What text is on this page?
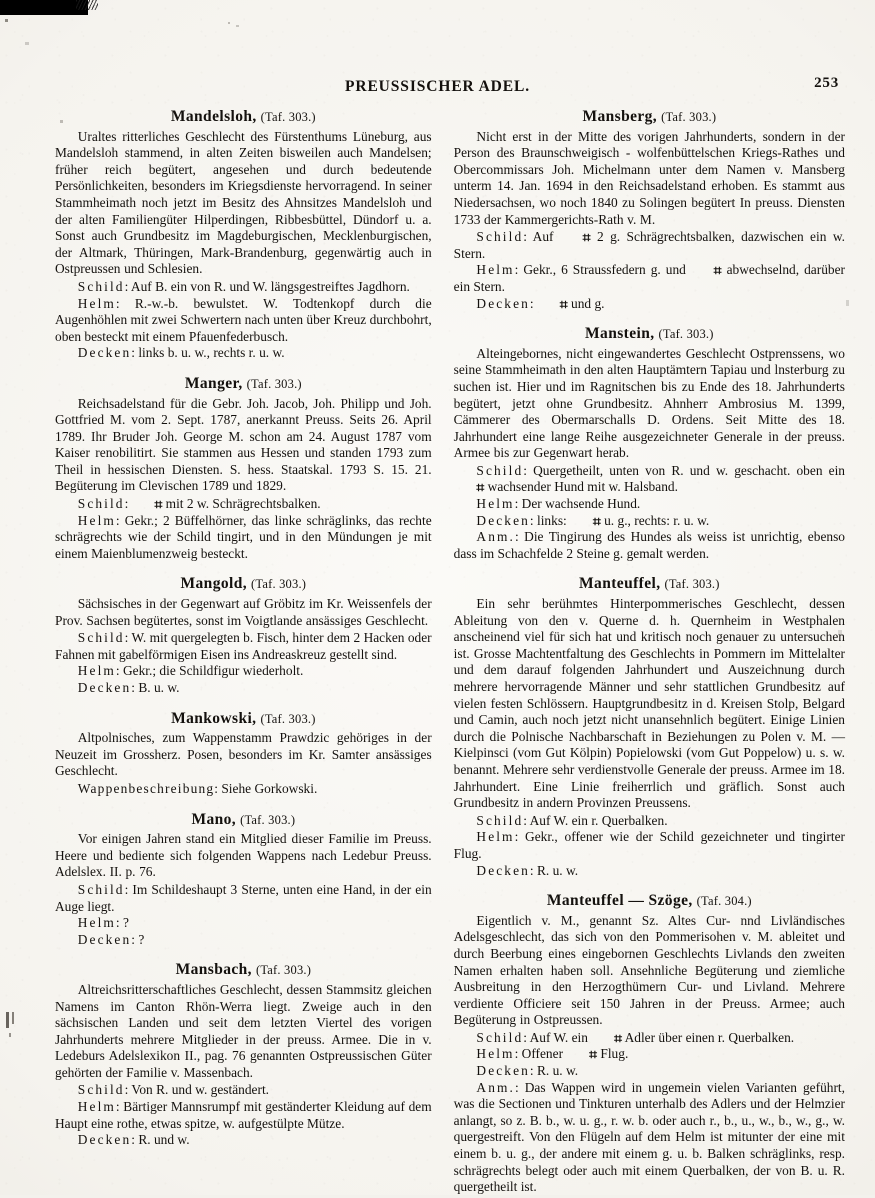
PREUSSISCHER ADEL.	253
Mandelsloh, (Taf. 303.)

Uraltes ritterliches Geschlecht des Fürstenthums Lüneburg, aus Mandelsloh stammend, in alten Zeiten bisweilen auch Mandelsen; früher reich begütert, angesehen und durch bedeutende Persönlichkeiten, besonders im Kriegsdienste hervorragend. In seiner Stammheimath noch jetzt im Besitz des Ahnsitzes Mandelsloh und der alten Familiengüter Hilperdingen, Ribbesbüttel, Dündorf u. a. Sonst auch Grundbesitz im Magdeburgischen, Mecklenburgischen, der Altmark, Thüringen, Mark-Brandenburg, gegenwärtig auch in Ostpreussen und Schlesien.

Schild: Auf B. ein von R. und W. längsgestreiftes Jagdhorn.

Helm: R.-w.-b. bewulstet. W. Todtenkopf durch die Augenhöhlen mit zwei Schwertern nach unten über Kreuz durchbohrt, oben besteckt mit einem Pfauenfederbusch.

Decken: links b. u. w., rechts r. u. w.

Manger, (Taf. 303.)

Reichsadelstand für die Gebr. Joh. Jacob, Joh. Philipp und Joh. Gottfried M. vom 2. Sept. 1787, anerkannt Preuss. Seits 26. April 1789. Ihr Bruder Joh. George M. schon am 24. August 1787 vom Kaiser renobilitirt. Sie stammen aus Hessen und standen 1793 zum Theil in hessischen Diensten. S. hess. Staatskal. 1793 S. 15. 21. Begüterung im Clevischen 1789 und 1829.

Schild: ⌗ mit 2 w. Schrägrechtsbalken.

Helm: Gekr.; 2 Büffelhörner, das linke schräglinks, das rechte schrägrechts wie der Schild tingirt, und in den Mündungen je mit einem Maienblumenzweig besteckt.

Mangold, (Taf. 303.)

Sächsisches in der Gegenwart auf Gröbitz im Kr. Weissenfels der Prov. Sachsen begütertes, sonst im Voigtlande ansässiges Geschlecht.

Schild: W. mit quergelegten b. Fisch, hinter dem 2 Hacken oder Fahnen mit gabelförmigen Eisen ins Andreaskreuz gestellt sind.

Helm: Gekr.; die Schildfigur wiederholt.

Decken: B. u. w.

Mankowski, (Taf. 303.)

Altpolnisches, zum Wappenstamm Prawdzic gehöriges in der Neuzeit im Grossherz. Posen, besonders im Kr. Samter ansässiges Geschlecht.

Wappenbeschreibung: Siehe Gorkowski.

Mano, (Taf. 303.)

Vor einigen Jahren stand ein Mitglied dieser Familie im Preuss. Heere und bediente sich folgenden Wappens nach Ledebur Preuss. Adelslex. II. p. 76.

Schild: Im Schildeshaupt 3 Sterne, unten eine Hand, in der ein Auge liegt.

Helm: ?

Decken: ?

Mansbach, (Taf. 303.)

Altreichsritterschaftliches Geschlecht, dessen Stammsitz gleichen Namens im Canton Rhön-Werra liegt. Zweige auch in den sächsischen Landen und seit dem letzten Viertel des vorigen Jahrhunderts mehrere Mitglieder in der preuss. Armee. Die in v. Ledeburs Adelslexikon II., pag. 76 genannten Ostpreussischen Güter gehörten der Familie v. Massenbach.

Schild: Von R. und w. geständert.

Helm: Bärtiger Mannsrumpf mit geständerter Kleidung auf dem Haupt eine rothe, etwas spitze, w. aufgestülpte Mütze.

Decken: R. und w.

Mansberg, (Taf. 303.)

Nicht erst in der Mitte des vorigen Jahrhunderts, sondern in der Person des Braunschweigisch - wolfenbüttelschen Kriegs-Rathes und Obercommissars Joh. Michelmann unter dem Namen v. Mansberg unterm 14. Jan. 1694 in den Reichsadelstand erhoben. Es stammt aus Niedersachsen, wo noch 1840 zu Solingen begütert In preuss. Diensten 1733 der Kammergerichts-Rath v. M.

Schild: Auf ⌗ 2 g. Schrägrechtsbalken, dazwischen ein w. Stern.

Helm: Gekr., 6 Straussfedern g. und ⌗ abwechselnd, darüber ein Stern.

Decken: ⌗ und g.

Manstein, (Taf. 303.)

Alteingebornes, nicht eingewandertes Geschlecht Ostprenssens, wo seine Stammheimath in den alten Hauptämtern Tapiau und lnsterburg zu suchen ist. Hier und im Ragnitschen bis zu Ende des 18. Jahrhunderts begütert, jetzt ohne Grundbesitz. Ahnherr Ambrosius M. 1399, Cämmerer des Obermarschalls D. Ordens. Seit Mitte des 18. Jahrhundert eine lange Reihe ausgezeichneter Generale in der preuss. Armee bis zur Gegenwart herab.

Schild: Quergetheilt, unten von R. und w. geschacht. oben ein ⌗ wachsender Hund mit w. Halsband.

Helm: Der wachsende Hund.

Decken: links: ⌗ u. g., rechts: r. u. w.

Anm.: Die Tingirung des Hundes als weiss ist unrichtig, ebenso dass im Schachfelde 2 Steine g. gemalt werden.

Manteuffel, (Taf. 303.)

Ein sehr berühmtes Hinterpommerisches Geschlecht, dessen Ableitung von den v. Querne d. h. Quernheim in Westphalen anscheinend viel für sich hat und kritisch noch genauer zu untersuchen ist. Grosse Machtentfaltung des Geschlechts in Pommern im Mittelalter und dem darauf folgenden Jahrhundert und Auszeichnung durch mehrere hervorragende Männer und sehr stattlichen Grundbesitz auf vielen festen Schlössern. Hauptgrundbesitz in d. Kreisen Stolp, Belgard und Camin, auch noch jetzt nicht unansehnlich begütert. Einige Linien durch die Polnische Nachbarschaft in Beziehungen zu Polen v. M. — Kielpinsci (vom Gut Kölpin) Popielowski (vom Gut Poppelow) u. s. w. benannt. Mehrere sehr verdienstvolle Generale der preuss. Armee im 18. Jahrhundert. Eine Linie freiherrlich und gräflich. Sonst auch Grundbesitz in andern Provinzen Preussens.

Schild: Auf W. ein r. Querbalken.

Helm: Gekr., offener wie der Schild gezeichneter und tingirter Flug.

Decken: R. u. w.

Manteuffel — Szöge, (Taf. 304.)

Eigentlich v. M., genannt Sz. Altes Cur- nnd Livländisches Adelsgeschlecht, das sich von den Pommerisohen v. M. ableitet und durch Beerbung eines eingebornen Geschlechts Livlands den zweiten Namen erhalten haben soll. Ansehnliche Begüterung und ziemliche Ausbreitung in den Herzogthümern Cur- und Livland. Mehrere verdiente Officiere seit 150 Jahren in der Preuss. Armee; auch Begüterung in Ostpreussen.

Schild: Auf W. ein ⌗ Adler über einen r. Querbalken.

Helm: Offener ⌗ Flug.

Decken: R. u. w.

Anm.: Das Wappen wird in ungemein vielen Varianten geführt, was die Sectionen und Tinkturen unterhalb des Adlers und der Helmzier anlangt, so z. B. b., w. u. g., r. w. b. oder auch r., b., u., w., b., w., g., w. quergestreift. Von den Flügeln auf dem Helm ist mitunter der eine mit einem b. u. g., der andere mit einem g. u. b. Balken schräglinks, resp. schrägrechts belegt oder auch mit einem Querbalken, der von B. u. R. quergetheilt ist.
